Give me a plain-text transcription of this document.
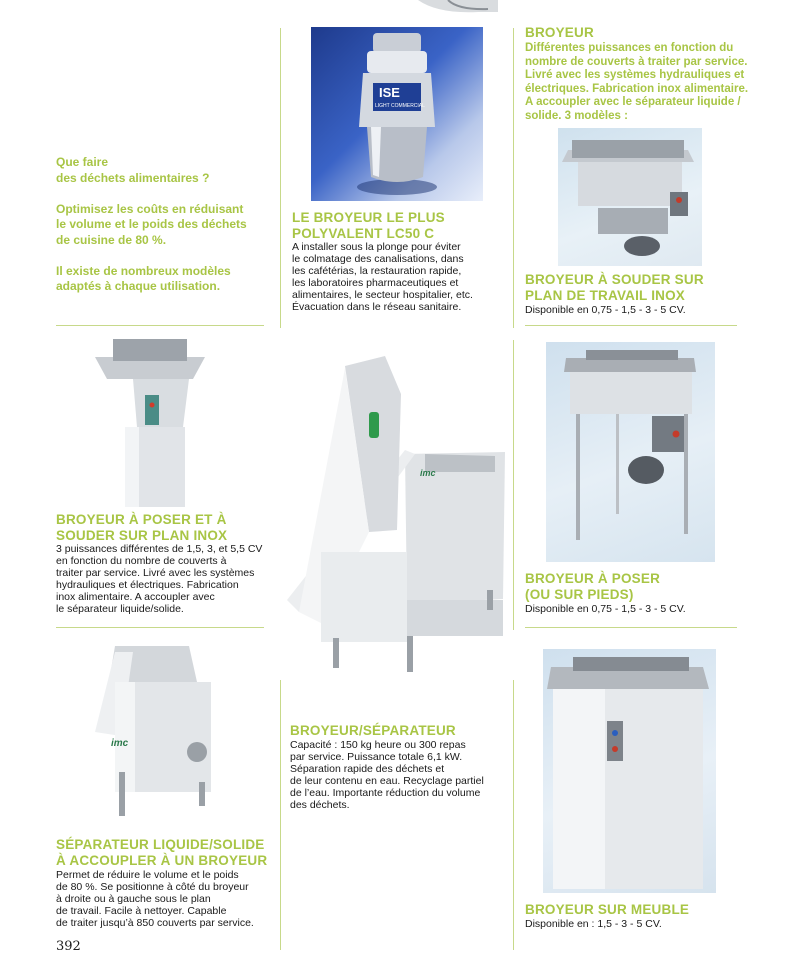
Que faire
des déchets alimentaires ?

Optimisez les coûts en réduisant
le volume et le poids des déchets
de cuisine de 80 %.

Il existe de nombreux modèles
adaptés à chaque utilisation.

ISE
LIGHT COMMERCIAL

LE BROYEUR LE PLUS
POLYVALENT LC50 C

A installer sous la plonge pour éviter
le colmatage des canalisations, dans
les cafétérias, la restauration rapide,
les laboratoires pharmaceutiques et
alimentaires, le secteur hospitalier, etc.
Évacuation dans le réseau sanitaire.

BROYEUR

Différentes puissances en fonction du
nombre de couverts à traiter par service.
Livré avec les systèmes hydrauliques et
électriques. Fabrication inox alimentaire.
A accoupler avec le séparateur liquide /
solide. 3 modèles :

BROYEUR À SOUDER SUR
PLAN DE TRAVAIL INOX

Disponible en 0,75 - 1,5 - 3 - 5 CV.

BROYEUR À POSER ET À
SOUDER SUR PLAN INOX

3 puissances différentes de 1,5, 3, et 5,5 CV
en fonction du nombre de couverts à
traiter par service. Livré avec les systèmes
hydrauliques et électriques. Fabrication
inox alimentaire. A accoupler avec
le séparateur liquide/solide.

imc

BROYEUR/SÉPARATEUR

Capacité : 150 kg heure ou 300 repas
par service. Puissance totale 6,1 kW.
Séparation rapide des déchets et
de leur contenu en eau. Recyclage partiel
de l’eau. Importante réduction du volume
des déchets.

BROYEUR À POSER
(OU SUR PIEDS)

Disponible en 0,75 - 1,5 - 3 - 5 CV.

imc

SÉPARATEUR LIQUIDE/SOLIDE
À ACCOUPLER À UN BROYEUR

Permet de réduire le volume et le poids
de 80 %. Se positionne à côté du broyeur
à droite ou à gauche sous le plan
de travail. Facile à nettoyer. Capable
de traiter jusqu’à 850 couverts par service.

BROYEUR SUR MEUBLE

Disponible en : 1,5 - 3 - 5 CV.

392
